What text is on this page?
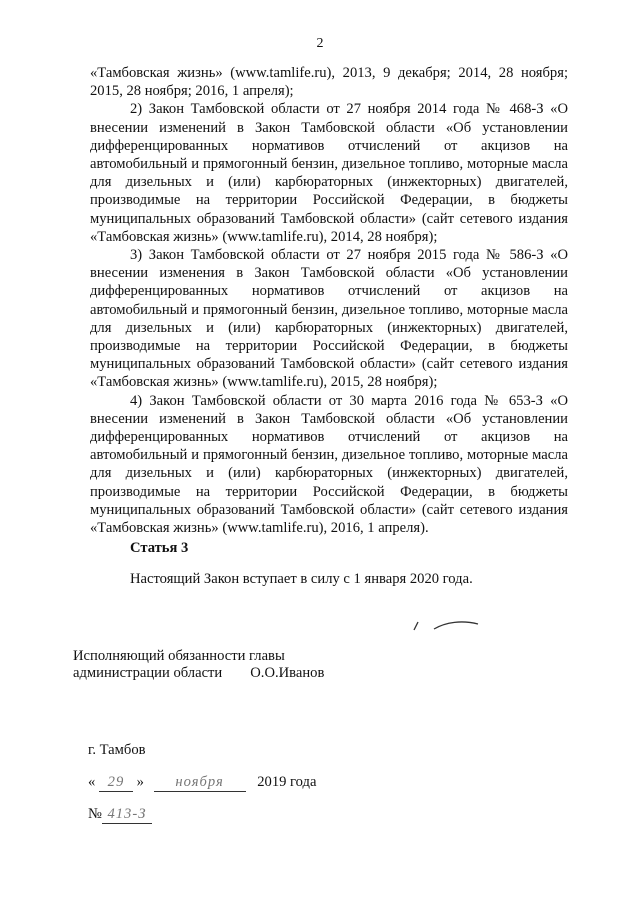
2

«Тамбовская жизнь» (www.tamlife.ru), 2013, 9 декабря; 2014, 28 ноября; 2015, 28 ноября; 2016, 1 апреля);

2) Закон Тамбовской области от 27 ноября 2014 года № 468-З «О внесении изменений в Закон Тамбовской области «Об установлении дифференцированных нормативов отчислений от акцизов на автомобильный и прямогонный бензин, дизельное топливо, моторные масла для дизельных и (или) карбюраторных (инжекторных) двигателей, производимые на территории Российской Федерации, в бюджеты муниципальных образований Тамбовской области» (сайт сетевого издания «Тамбовская жизнь» (www.tamlife.ru), 2014, 28 ноября);

3) Закон Тамбовской области от 27 ноября 2015 года № 586-З «О внесении изменения в Закон Тамбовской области «Об установлении дифференцированных нормативов отчислений от акцизов на автомобильный и прямогонный бензин, дизельное топливо, моторные масла для дизельных и (или) карбюраторных (инжекторных) двигателей, производимые на территории Российской Федерации, в бюджеты муниципальных образований Тамбовской области» (сайт сетевого издания «Тамбовская жизнь» (www.tamlife.ru), 2015, 28 ноября);

4) Закон Тамбовской области от 30 марта 2016 года № 653-З «О внесении изменений в Закон Тамбовской области «Об установлении дифференцированных нормативов отчислений от акцизов на автомобильный и прямогонный бензин, дизельное топливо, моторные масла для дизельных и (или) карбюраторных (инжекторных) двигателей, производимые на территории Российской Федерации, в бюджеты муниципальных образований Тамбовской области» (сайт сетевого издания «Тамбовская жизнь» (www.tamlife.ru), 2016, 1 апреля).

Статья 3
Настоящий Закон вступает в силу с 1 января 2020 года.
Исполняющий обязанности главы
администрации области О.О.Иванов
г. Тамбов
« 29 » ноября 2019 года
№ 413-З
